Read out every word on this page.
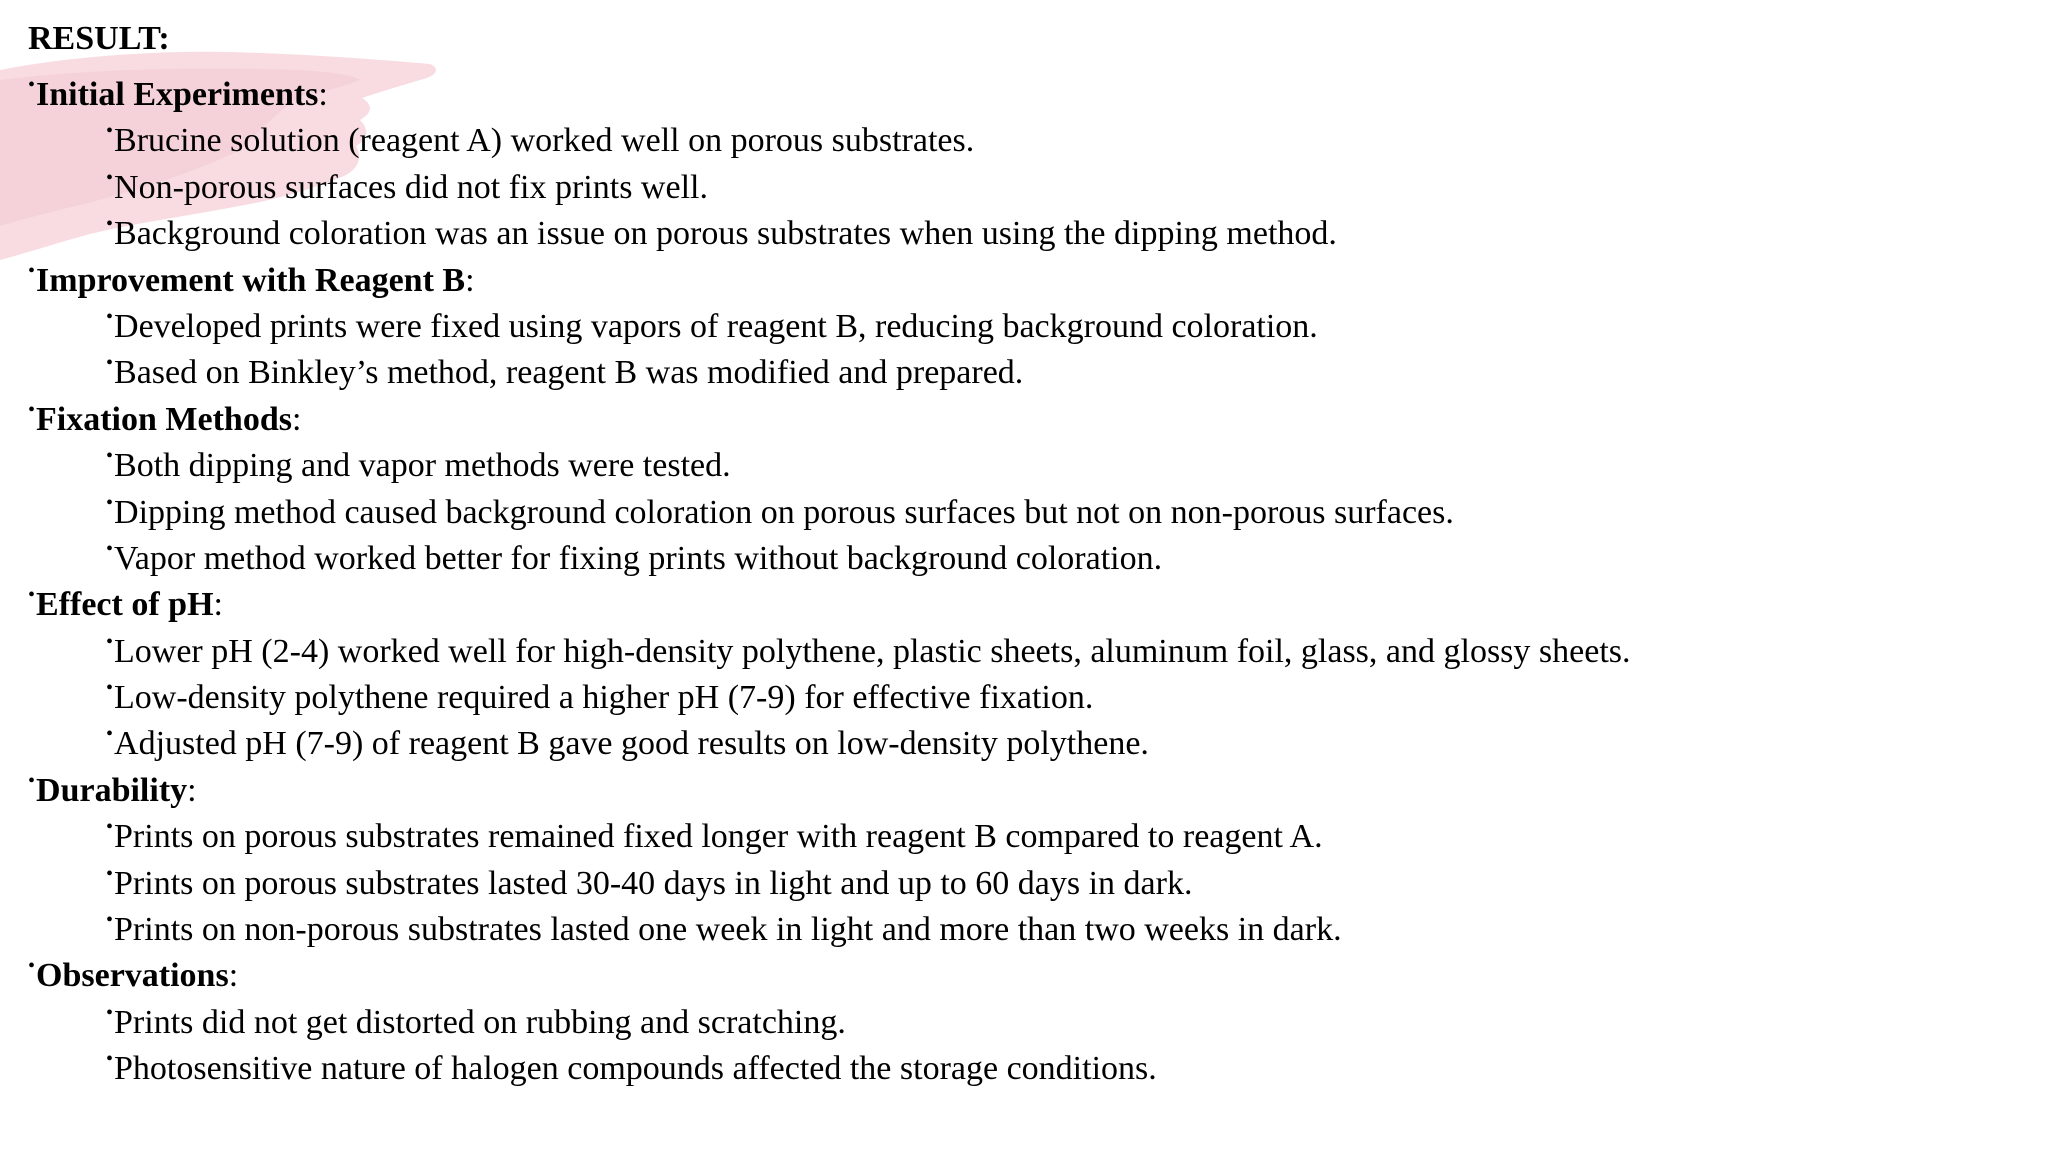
RESULT:
•Initial Experiments:
•Brucine solution (reagent A) worked well on porous substrates.
•Non-porous surfaces did not fix prints well.
•Background coloration was an issue on porous substrates when using the dipping method.
•Improvement with Reagent B:
•Developed prints were fixed using vapors of reagent B, reducing background coloration.
•Based on Binkley’s method, reagent B was modified and prepared.
•Fixation Methods:
•Both dipping and vapor methods were tested.
•Dipping method caused background coloration on porous surfaces but not on non-porous surfaces.
•Vapor method worked better for fixing prints without background coloration.
•Effect of pH:
•Lower pH (2-4) worked well for high-density polythene, plastic sheets, aluminum foil, glass, and glossy sheets.
•Low-density polythene required a higher pH (7-9) for effective fixation.
•Adjusted pH (7-9) of reagent B gave good results on low-density polythene.
•Durability:
•Prints on porous substrates remained fixed longer with reagent B compared to reagent A.
•Prints on porous substrates lasted 30-40 days in light and up to 60 days in dark.
•Prints on non-porous substrates lasted one week in light and more than two weeks in dark.
•Observations:
•Prints did not get distorted on rubbing and scratching.
•Photosensitive nature of halogen compounds affected the storage conditions.
